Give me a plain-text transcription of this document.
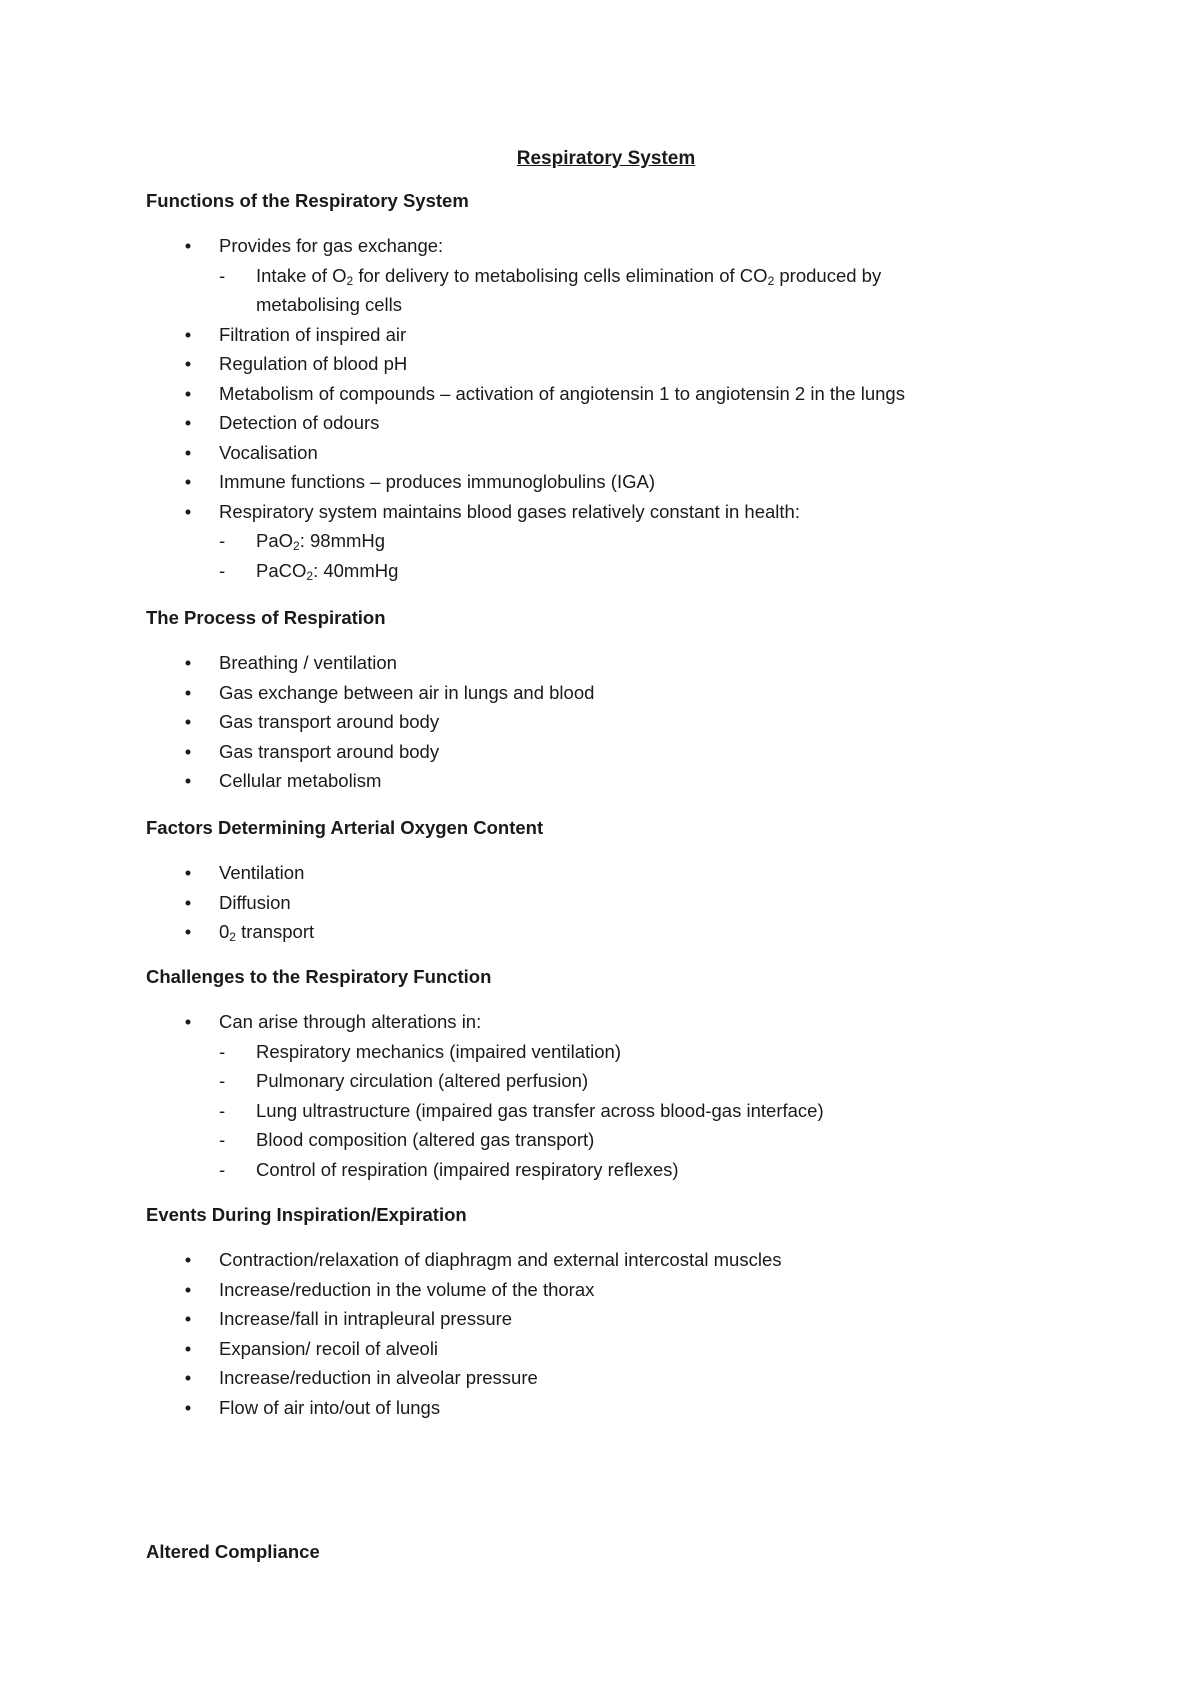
Respiratory System
Functions of the Respiratory System
• Provides for gas exchange:
- Intake of $O_2$ for delivery to metabolising cells elimination of $CO_2$ produced by
metabolising cells
• Filtration of inspired air
• Regulation of blood pH
• Metabolism of compounds – activation of angiotensin 1 to angiotensin 2 in the lungs
• Detection of odours
• Vocalisation
• Immune functions – produces immunoglobulins (IGA)
• Respiratory system maintains blood gases relatively constant in health:
- PaO$_2$: 98mmHg
- PaCO$_2$: 40mmHg
The Process of Respiration
• Breathing / ventilation
• Gas exchange between air in lungs and blood
• Gas transport around body
• Gas transport around body
• Cellular metabolism
Factors Determining Arterial Oxygen Content
• Ventilation
• Diffusion
• $0_2$ transport
Challenges to the Respiratory Function
• Can arise through alterations in:
- Respiratory mechanics (impaired ventilation)
- Pulmonary circulation (altered perfusion)
- Lung ultrastructure (impaired gas transfer across blood-gas interface)
- Blood composition (altered gas transport)
- Control of respiration (impaired respiratory reflexes)
Events During Inspiration/Expiration
• Contraction/relaxation of diaphragm and external intercostal muscles
• Increase/reduction in the volume of the thorax
• Increase/fall in intrapleural pressure
• Expansion/ recoil of alveoli
• Increase/reduction in alveolar pressure
• Flow of air into/out of lungs
Altered Compliance
